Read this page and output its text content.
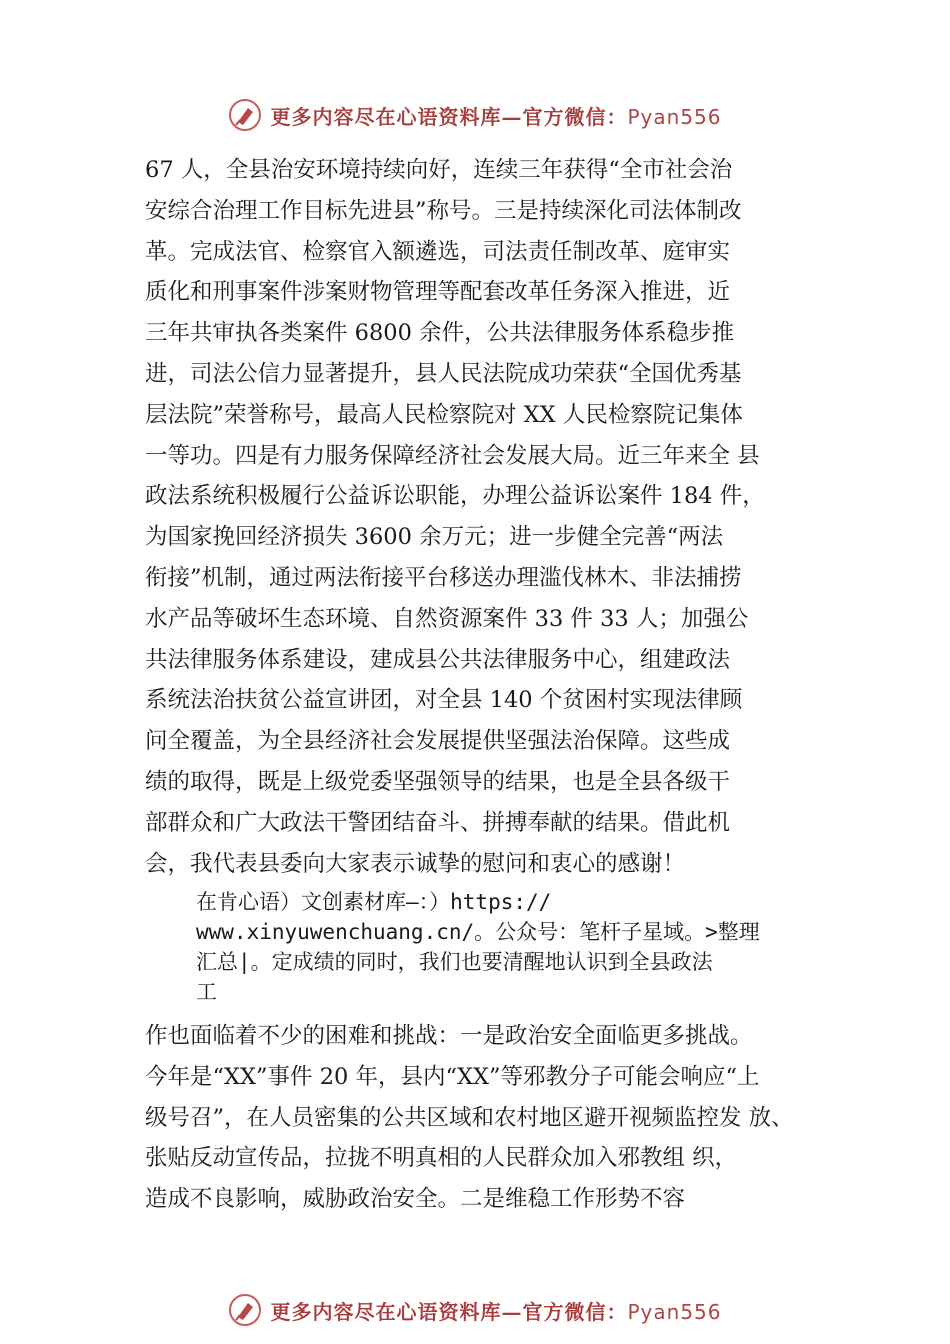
更多内容尽在心语资料库—官方微信：Pyan556
67 人，全县治安环境持续向好，连续三年获得“全市社会治
安综合治理工作目标先进县”称号。三是持续深化司法体制改
革。完成法官、检察官入额遴选，司法责任制改革、庭审实
质化和刑事案件涉案财物管理等配套改革任务深入推进，近
三年共审执各类案件 6800 余件，公共法律服务体系稳步推
进，司法公信力显著提升，县人民法院成功荣获“全国优秀基
层法院”荣誉称号，最高人民检察院对 XX 人民检察院记集体
一等功。四是有力服务保障经济社会发展大局。近三年来全 县
政法系统积极履行公益诉讼职能，办理公益诉讼案件 184 件，
为国家挽回经济损失 3600 余万元；进一步健全完善“两法
衔接”机制，通过两法衔接平台移送办理滥伐林木、非法捕捞
水产品等破坏生态环境、自然资源案件 33 件 33 人；加强公
共法律服务体系建设，建成县公共法律服务中心，组建政法
系统法治扶贫公益宣讲团，对全县 140 个贫困村实现法律顾
问全覆盖，为全县经济社会发展提供坚强法治保障。这些成
绩的取得，既是上级党委坚强领导的结果，也是全县各级干
部群众和广大政法干警团结奋斗、拼搏奉献的结果。借此机
会，我代表县委向大家表示诚挚的慰问和衷心的感谢！
在肯心语）文创素材库—：）https://
www.xinyuwenchuang.cn/。公众号：笔杆子星域。>整理
汇总|。定成绩的同时，我们也要清醒地认识到全县政法
工
作也面临着不少的困难和挑战：一是政治安全面临更多挑战。
今年是“XX”事件 20 年，县内“XX”等邪教分子可能会响应“上
级号召”，在人员密集的公共区域和农村地区避开视频监控发 放、
张贴反动宣传品，拉拢不明真相的人民群众加入邪教组 织，
造成不良影响，威胁政治安全。二是维稳工作形势不容
更多内容尽在心语资料库—官方微信：Pyan556
